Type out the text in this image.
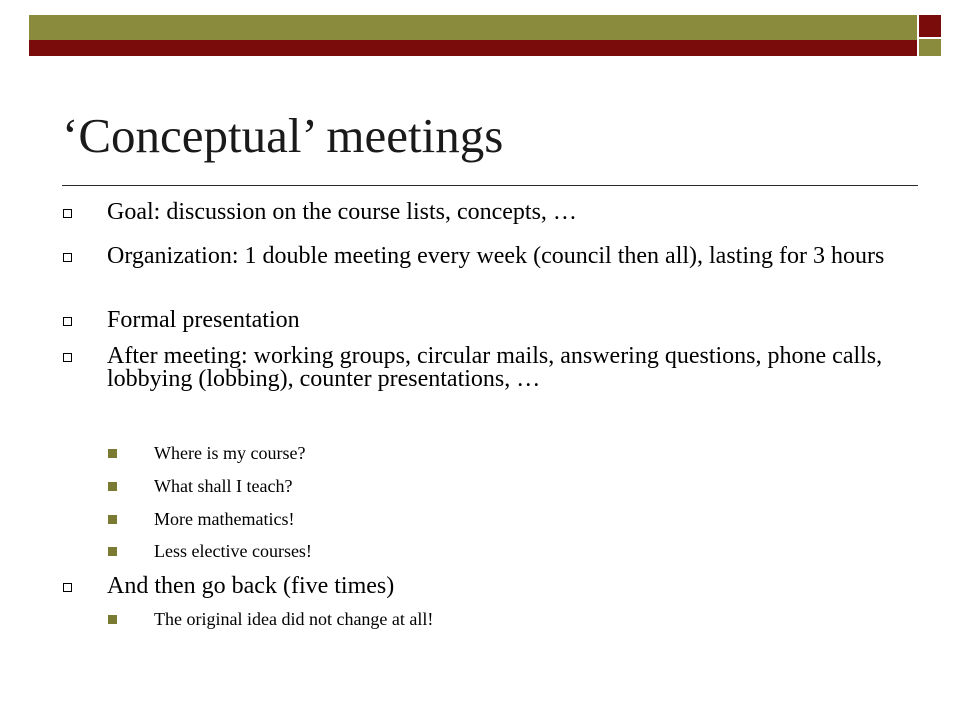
‘Conceptual’ meetings
Goal: discussion on the course lists, concepts, …
Organization: 1 double meeting every week (council then all), lasting for 3 hours
Formal presentation
After meeting: working groups, circular mails, answering questions, phone calls, lobbying (lobbing), counter presentations, …
Where is my course?
What shall I teach?
More mathematics!
Less elective courses!
And then go back (five times)
The original idea did not change at all!
